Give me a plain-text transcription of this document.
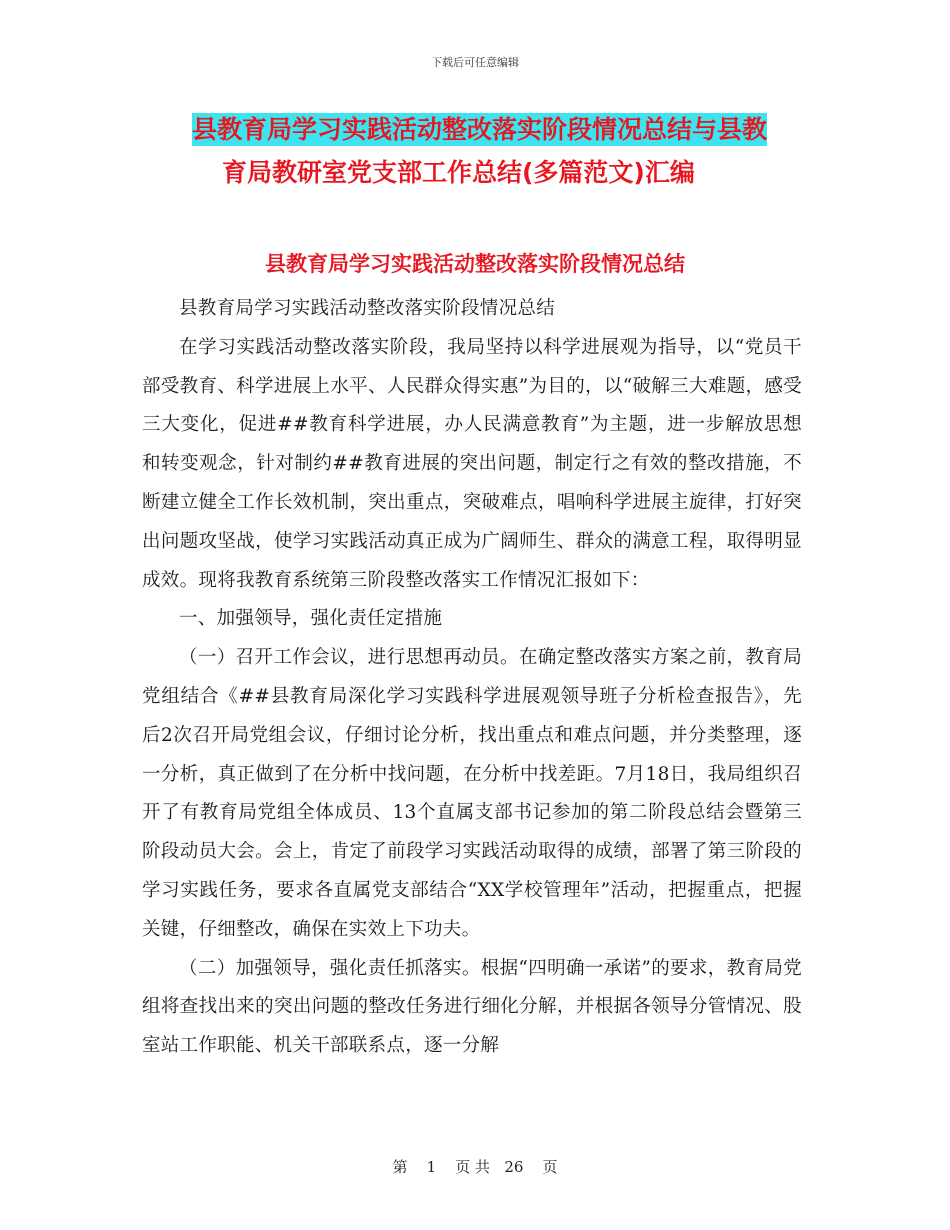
下载后可任意编辑
县教育局学习实践活动整改落实阶段情况总结与县教
育局教研室党支部工作总结(多篇范文)汇编
县教育局学习实践活动整改落实阶段情况总结

县教育局学习实践活动整改落实阶段情况总结

在学习实践活动整改落实阶段，我局坚持以科学进展观为指导，以“党员干部受教育、科学进展上水平、人民群众得实惠”为目的，以“破解三大难题，感受三大变化，促进##教育科学进展，办人民满意教育”为主题，进一步解放思想和转变观念，针对制约##教育进展的突出问题，制定行之有效的整改措施，不断建立健全工作长效机制，突出重点，突破难点，唱响科学进展主旋律，打好突出问题攻坚战，使学习实践活动真正成为广阔师生、群众的满意工程，取得明显成效。现将我教育系统第三阶段整改落实工作情况汇报如下：

一、加强领导，强化责任定措施

（一）召开工作会议，进行思想再动员。在确定整改落实方案之前，教育局党组结合《##县教育局深化学习实践科学进展观领导班子分析检查报告》，先后2次召开局党组会议，仔细讨论分析，找出重点和难点问题，并分类整理，逐一分析，真正做到了在分析中找问题，在分析中找差距。7月18日，我局组织召开了有教育局党组全体成员、13个直属支部书记参加的第二阶段总结会暨第三阶段动员大会。会上，肯定了前段学习实践活动取得的成绩，部署了第三阶段的学习实践任务，要求各直属党支部结合“XX学校管理年”活动，把握重点，把握关键，仔细整改，确保在实效上下功夫。

（二）加强领导，强化责任抓落实。根据“四明确一承诺”的要求，教育局党组将查找出来的突出问题的整改任务进行细化分解，并根据各领导分管情况、股室站工作职能、机关干部联系点，逐一分解

第 1 页 共 26 页
